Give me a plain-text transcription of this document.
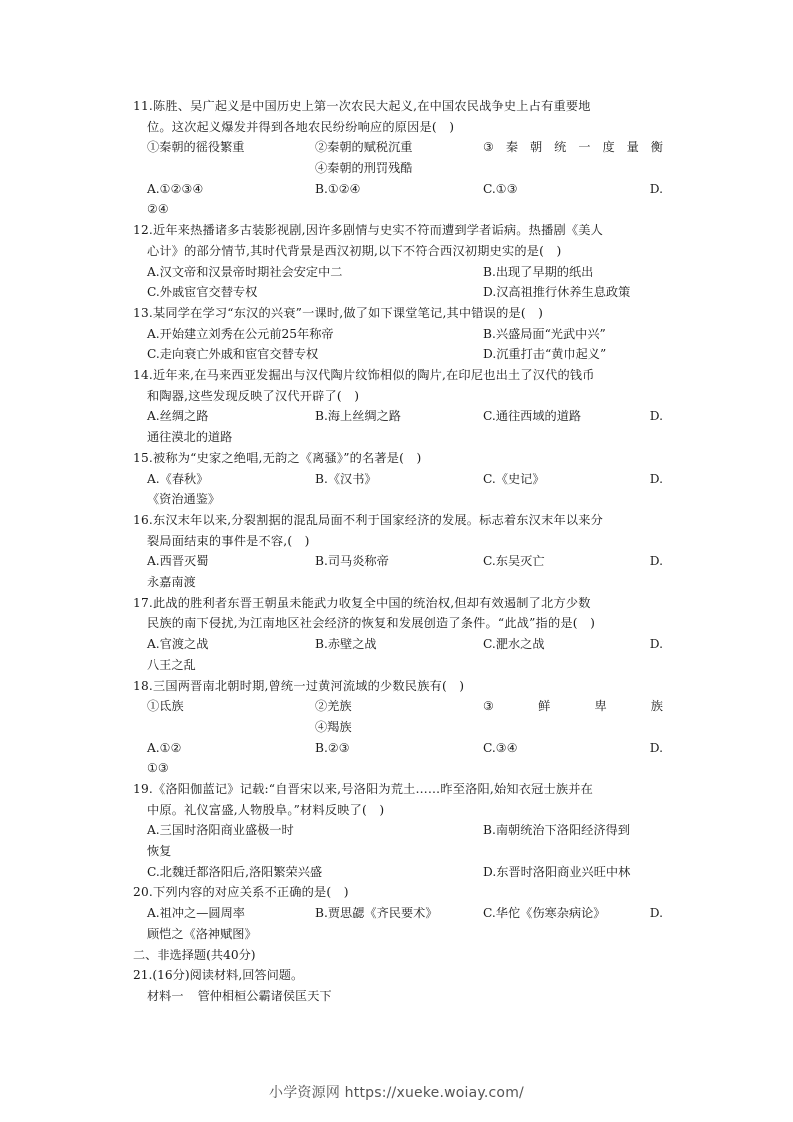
11.陈胜、吴广起义是中国历史上第一次农民大起义,在中国农民战争史上占有重要地
位。这次起义爆发并得到各地农民纷纷响应的原因是(　)
①秦朝的徭役繁重	②秦朝的赋税沉重	③ 秦 朝 统 一 度 量 衡
④秦朝的刑罚残酷
A.①②③④	B.①②④	C.①③	D.
②④
12.近年来热播诸多古装影视剧,因许多剧情与史实不符而遭到学者诟病。热播剧《美人
心计》的部分情节,其时代背景是西汉初期,以下不符合西汉初期史实的是(　)
A.汉文帝和汉景帝时期社会安定中二	B.出现了早期的纸出
C.外戚宦官交替专权	D.汉高祖推行休养生息政策
13.某同学在学习“东汉的兴衰”一课时,做了如下课堂笔记,其中错误的是(　)
A.开始建立刘秀在公元前25年称帝	B.兴盛局面“光武中兴”
C.走向衰亡外戚和宦官交替专权	D.沉重打击“黄巾起义”
14.近年来,在马来西亚发掘出与汉代陶片纹饰相似的陶片,在印尼也出土了汉代的钱币
和陶器,这些发现反映了汉代开辟了(　)
A.丝绸之路	B.海上丝绸之路	C.通往西域的道路	D.
通往漠北的道路
15.被称为“史家之绝唱,无韵之《离骚》”的名著是(　)
A.《春秋》	B.《汉书》	C.《史记》	D.
《资治通鉴》
16.东汉末年以来,分裂割据的混乱局面不利于国家经济的发展。标志着东汉末年以来分
裂局面结束的事件是不容,(　)
A.西晋灭蜀	B.司马炎称帝	C.东吴灭亡	D.
永嘉南渡
17.此战的胜利者东晋王朝虽未能武力收复全中国的统治权,但却有效遏制了北方少数
民族的南下侵扰,为江南地区社会经济的恢复和发展创造了条件。“此战”指的是(　)
A.官渡之战	B.赤壁之战	C.淝水之战	D.
八王之乱
18.三国两晋南北朝时期,曾统一过黄河流域的少数民族有(　)
①氐族	②羌族	③	鲜	卑	族
④羯族
A.①②	B.②③	C.③④	D.
①③
19.《洛阳伽蓝记》记载:“自晋宋以来,号洛阳为荒土……昨至洛阳,始知衣冠士族并在
中原。礼仪富盛,人物殷阜。”材料反映了(　)
A.三国时洛阳商业盛极一时	B.南朝统治下洛阳经济得到
恢复
C.北魏迁都洛阳后,洛阳繁荣兴盛	D.东晋时洛阳商业兴旺中林
20.下列内容的对应关系不正确的是(　)
A.祖冲之—圆周率	B.贾思勰《齐民要术》	C.华佗《伤寒杂病论》	D.
顾恺之《洛神赋图》
二、非选择题(共40分)
21.(16分)阅读材料,回答问题。
材料一 管仲相桓公霸诸侯匡天下
小学资源网 https://xueke.woiay.com/
